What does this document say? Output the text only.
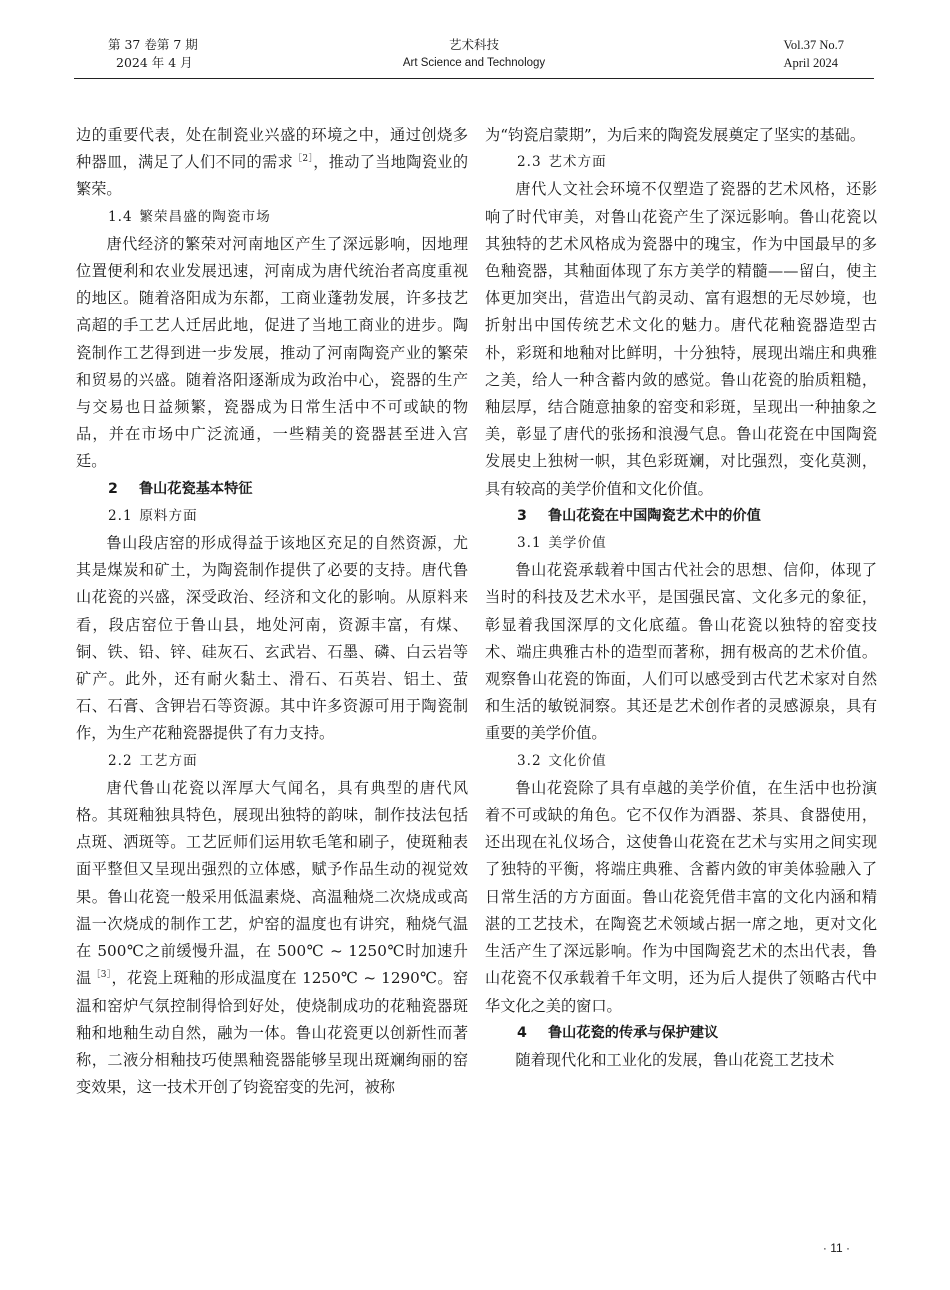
第 37 卷第 7 期
2024 年 4 月
艺术科技
Art Science and Technology
Vol.37 No.7
April 2024

边的重要代表，处在制瓷业兴盛的环境之中，通过创烧多种器皿，满足了人们不同的需求$^{[2]}$，推动了当地陶瓷业的繁荣。

1.4 繁荣昌盛的陶瓷市场

唐代经济的繁荣对河南地区产生了深远影响，因地理位置便利和农业发展迅速，河南成为唐代统治者高度重视的地区。随着洛阳成为东都，工商业蓬勃发展，许多技艺高超的手工艺人迁居此地，促进了当地工商业的进步。陶瓷制作工艺得到进一步发展，推动了河南陶瓷产业的繁荣和贸易的兴盛。随着洛阳逐渐成为政治中心，瓷器的生产与交易也日益频繁，瓷器成为日常生活中不可或缺的物品，并在市场中广泛流通，一些精美的瓷器甚至进入宫廷。

2 鲁山花瓷基本特征
2.1 原料方面

鲁山段店窑的形成得益于该地区充足的自然资源，尤其是煤炭和矿土，为陶瓷制作提供了必要的支持。唐代鲁山花瓷的兴盛，深受政治、经济和文化的影响。从原料来看，段店窑位于鲁山县，地处河南，资源丰富，有煤、铜、铁、铅、锌、硅灰石、玄武岩、石墨、磷、白云岩等矿产。此外，还有耐火黏土、滑石、石英岩、铝土、萤石、石膏、含钾岩石等资源。其中许多资源可用于陶瓷制作，为生产花釉瓷器提供了有力支持。

2.2 工艺方面

唐代鲁山花瓷以浑厚大气闻名，具有典型的唐代风格。其斑釉独具特色，展现出独特的韵味，制作技法包括点斑、洒斑等。工艺匠师们运用软毛笔和刷子，使斑釉表面平整但又呈现出强烈的立体感，赋予作品生动的视觉效果。鲁山花瓷一般采用低温素烧、高温釉烧二次烧成或高温一次烧成的制作工艺，炉窑的温度也有讲究，釉烧气温在 500℃之前缓慢升温，在 500℃ ~ 1250℃时加速升温$^{[3]}$，花瓷上斑釉的形成温度在 1250℃ ~ 1290℃。窑温和窑炉气氛控制得恰到好处，使烧制成功的花釉瓷器斑釉和地釉生动自然，融为一体。鲁山花瓷更以创新性而著称，二液分相釉技巧使黑釉瓷器能够呈现出斑斓绚丽的窑变效果，这一技术开创了钧瓷窑变的先河，被称

为“钧瓷启蒙期”，为后来的陶瓷发展奠定了坚实的基础。

2.3 艺术方面

唐代人文社会环境不仅塑造了瓷器的艺术风格，还影响了时代审美，对鲁山花瓷产生了深远影响。鲁山花瓷以其独特的艺术风格成为瓷器中的瑰宝，作为中国最早的多色釉瓷器，其釉面体现了东方美学的精髓——留白，使主体更加突出，营造出气韵灵动、富有遐想的无尽妙境，也折射出中国传统艺术文化的魅力。唐代花釉瓷器造型古朴，彩斑和地釉对比鲜明，十分独特，展现出端庄和典雅之美，给人一种含蓄内敛的感觉。鲁山花瓷的胎质粗糙，釉层厚，结合随意抽象的窑变和彩斑，呈现出一种抽象之美，彰显了唐代的张扬和浪漫气息。鲁山花瓷在中国陶瓷发展史上独树一帜，其色彩斑斓，对比强烈，变化莫测，具有较高的美学价值和文化价值。

3 鲁山花瓷在中国陶瓷艺术中的价值
3.1 美学价值

鲁山花瓷承载着中国古代社会的思想、信仰，体现了当时的科技及艺术水平，是国强民富、文化多元的象征，彰显着我国深厚的文化底蕴。鲁山花瓷以独特的窑变技术、端庄典雅古朴的造型而著称，拥有极高的艺术价值。观察鲁山花瓷的饰面，人们可以感受到古代艺术家对自然和生活的敏锐洞察。其还是艺术创作者的灵感源泉，具有重要的美学价值。

3.2 文化价值

鲁山花瓷除了具有卓越的美学价值，在生活中也扮演着不可或缺的角色。它不仅作为酒器、茶具、食器使用，还出现在礼仪场合，这使鲁山花瓷在艺术与实用之间实现了独特的平衡，将端庄典雅、含蓄内敛的审美体验融入了日常生活的方方面面。鲁山花瓷凭借丰富的文化内涵和精湛的工艺技术，在陶瓷艺术领域占据一席之地，更对文化生活产生了深远影响。作为中国陶瓷艺术的杰出代表，鲁山花瓷不仅承载着千年文明，还为后人提供了领略古代中华文化之美的窗口。

4 鲁山花瓷的传承与保护建议

随着现代化和工业化的发展，鲁山花瓷工艺技术

· 11 ·
